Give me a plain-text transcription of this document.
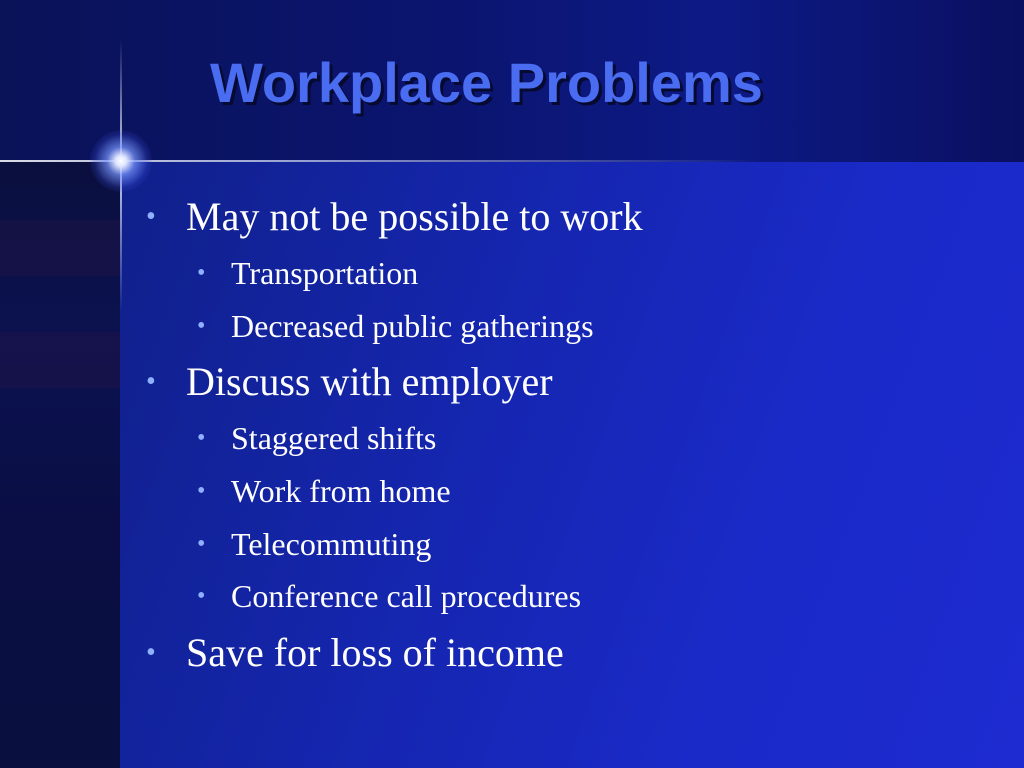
Workplace Problems
• May not be possible to work
• Transportation
• Decreased public gatherings
• Discuss with employer
• Staggered shifts
• Work from home
• Telecommuting
• Conference call procedures
• Save for loss of income
